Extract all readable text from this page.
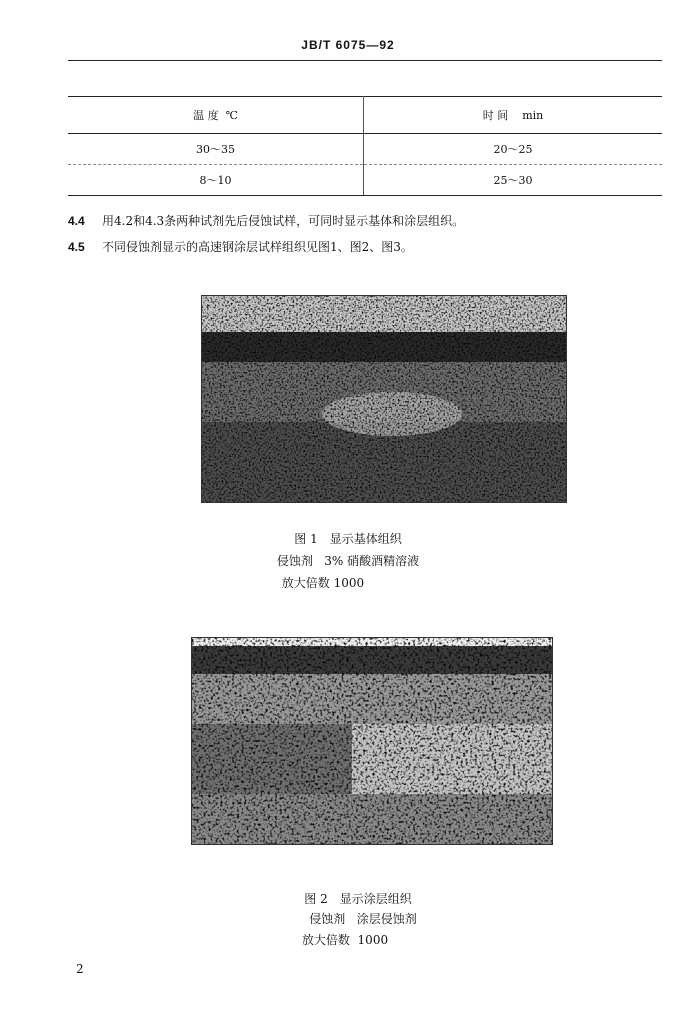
JB/T 6075—92
温 度 ℃	时 间 min
30～35	20～25
8～10	25～30
4.4 用4.2和4.3条两种试剂先后侵蚀试样，可同时显示基体和涂层组织。
4.5 不同侵蚀剂显示的高速钢涂层试样组织见图1、图2、图3。
图 1　显示基体组织
侵蚀剂 3% 硝酸酒精溶液
放大倍数 1000
图 2　显示涂层组织
侵蚀剂 涂层侵蚀剂
放大倍数 1000
2
